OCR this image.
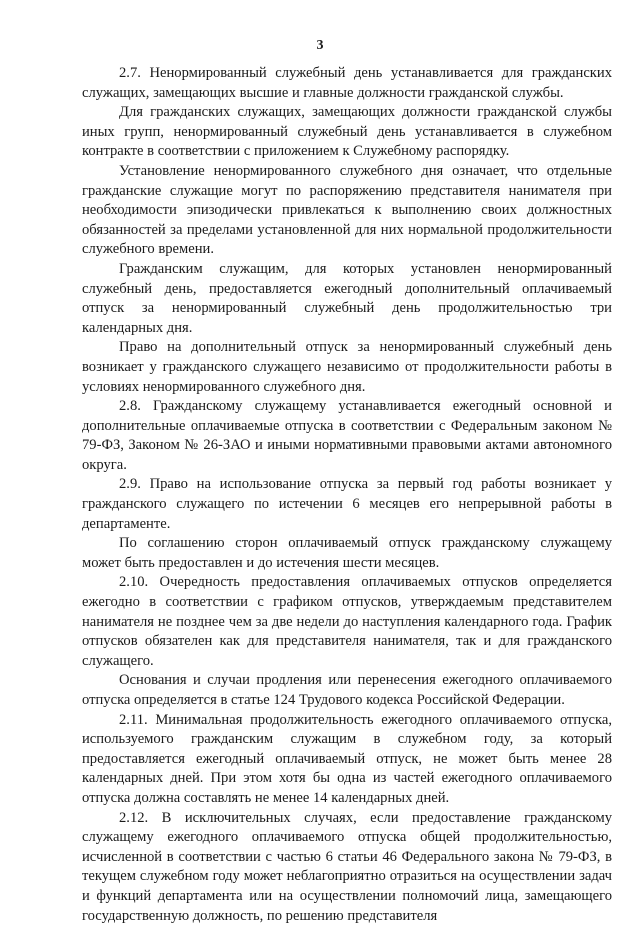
3

2.7. Ненормированный служебный день устанавливается для гражданских служащих, замещающих высшие и главные должности гражданской службы.

Для гражданских служащих, замещающих должности гражданской службы иных групп, ненормированный служебный день устанавливается в служебном контракте в соответствии с приложением к Служебному распорядку.

Установление ненормированного служебного дня означает, что отдельные гражданские служащие могут по распоряжению представителя нанимателя при необходимости эпизодически привлекаться к выполнению своих должностных обязанностей за пределами установленной для них нормальной продолжительности служебного времени.

Гражданским служащим, для которых установлен ненормированный служебный день, предоставляется ежегодный дополнительный оплачиваемый отпуск за ненормированный служебный день продолжительностью три календарных дня.

Право на дополнительный отпуск за ненормированный служебный день возникает у гражданского служащего независимо от продолжительности работы в условиях ненормированного служебного дня.

2.8. Гражданскому служащему устанавливается ежегодный основной и дополнительные оплачиваемые отпуска в соответствии с Федеральным законом № 79-ФЗ, Законом № 26-ЗАО и иными нормативными правовыми актами автономного округа.

2.9. Право на использование отпуска за первый год работы возникает у гражданского служащего по истечении 6 месяцев его непрерывной работы в департаменте.

По соглашению сторон оплачиваемый отпуск гражданскому служащему может быть предоставлен и до истечения шести месяцев.

2.10. Очередность предоставления оплачиваемых отпусков определяется ежегодно в соответствии с графиком отпусков, утверждаемым представителем нанимателя не позднее чем за две недели до наступления календарного года. График отпусков обязателен как для представителя нанимателя, так и для гражданского служащего.

Основания и случаи продления или перенесения ежегодного оплачиваемого отпуска определяется в статье 124 Трудового кодекса Российской Федерации.

2.11. Минимальная продолжительность ежегодного оплачиваемого отпуска, используемого гражданским служащим в служебном году, за который предоставляется ежегодный оплачиваемый отпуск, не может быть менее 28 календарных дней. При этом хотя бы одна из частей ежегодного оплачиваемого отпуска должна составлять не менее 14 календарных дней.

2.12. В исключительных случаях, если предоставление гражданскому служащему ежегодного оплачиваемого отпуска общей продолжительностью, исчисленной в соответствии с частью 6 статьи 46 Федерального закона № 79-ФЗ, в текущем служебном году может неблагоприятно отразиться на осуществлении задач и функций департамента или на осуществлении полномочий лица, замещающего государственную должность, по решению представителя
